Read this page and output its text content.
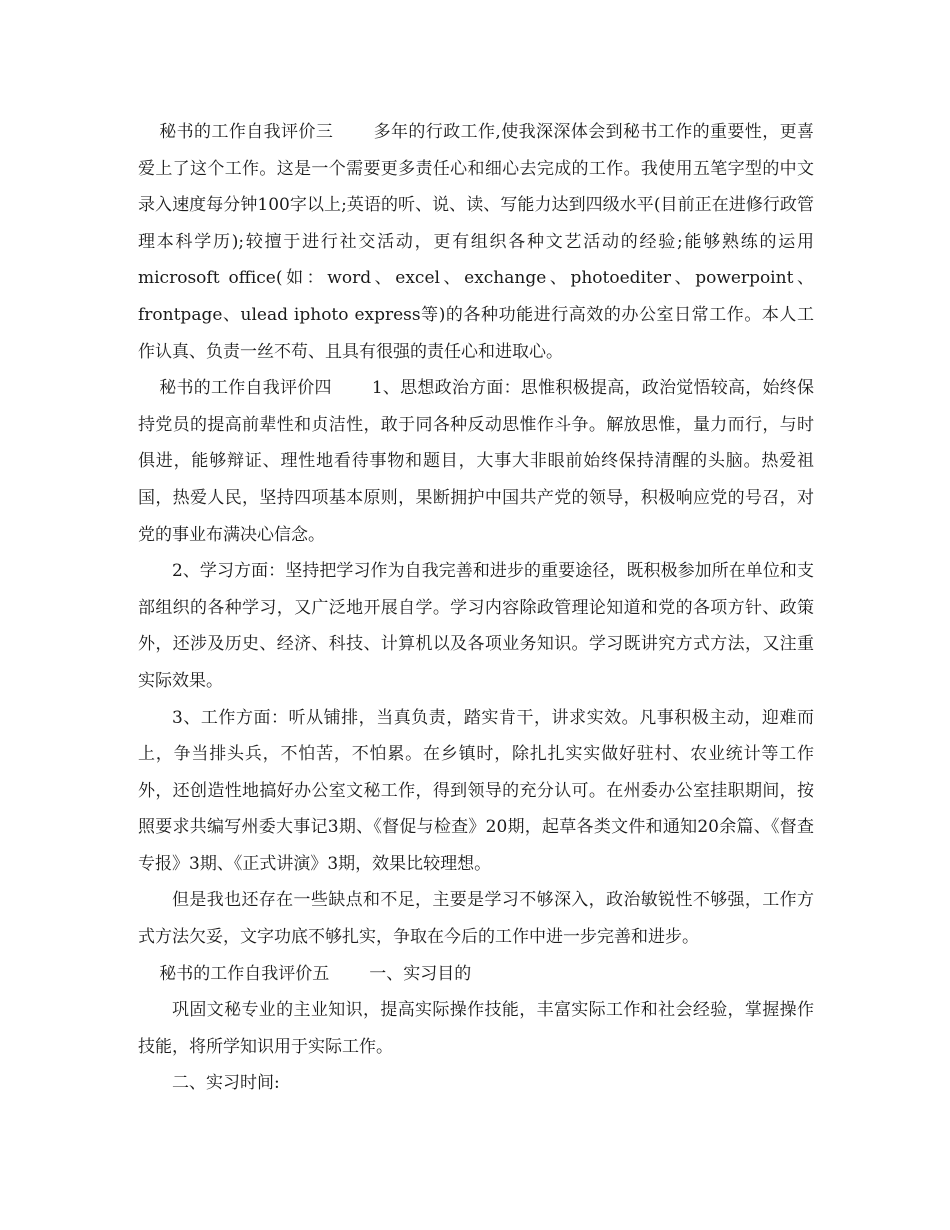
秘书的工作自我评价三 多年的行政工作,使我深深体会到秘书工作的重要性，更喜爱上了这个工作。这是一个需要更多责任心和细心去完成的工作。我使用五笔字型的中文录入速度每分钟100字以上;英语的听、说、读、写能力达到四级水平(目前正在进修行政管理本科学历);较擅于进行社交活动，更有组织各种文艺活动的经验;能够熟练的运用microsoft office(如：word、excel、exchange、photoediter、powerpoint、frontpage、ulead iphoto express等)的各种功能进行高效的办公室日常工作。本人工作认真、负责一丝不苟、且具有很强的责任心和进取心。

秘书的工作自我评价四 1、思想政治方面：思惟积极提高，政治觉悟较高，始终保持党员的提高前辈性和贞洁性，敢于同各种反动思惟作斗争。解放思惟，量力而行，与时俱进，能够辩证、理性地看待事物和题目，大事大非眼前始终保持清醒的头脑。热爱祖国，热爱人民，坚持四项基本原则，果断拥护中国共产党的领导，积极响应党的号召，对党的事业布满决心信念。

2、学习方面：坚持把学习作为自我完善和进步的重要途径，既积极参加所在单位和支部组织的各种学习，又广泛地开展自学。学习内容除政管理论知道和党的各项方针、政策外，还涉及历史、经济、科技、计算机以及各项业务知识。学习既讲究方式方法，又注重实际效果。

3、工作方面：听从铺排，当真负责，踏实肯干，讲求实效。凡事积极主动，迎难而上，争当排头兵，不怕苦，不怕累。在乡镇时，除扎扎实实做好驻村、农业统计等工作外，还创造性地搞好办公室文秘工作，得到领导的充分认可。在州委办公室挂职期间，按照要求共编写州委大事记3期、《督促与检查》20期，起草各类文件和通知20余篇、《督查专报》3期、《正式讲演》3期，效果比较理想。

但是我也还存在一些缺点和不足，主要是学习不够深入，政治敏锐性不够强，工作方式方法欠妥，文字功底不够扎实，争取在今后的工作中进一步完善和进步。

秘书的工作自我评价五 一、实习目的

巩固文秘专业的主业知识，提高实际操作技能，丰富实际工作和社会经验，掌握操作技能，将所学知识用于实际工作。

二、实习时间:
